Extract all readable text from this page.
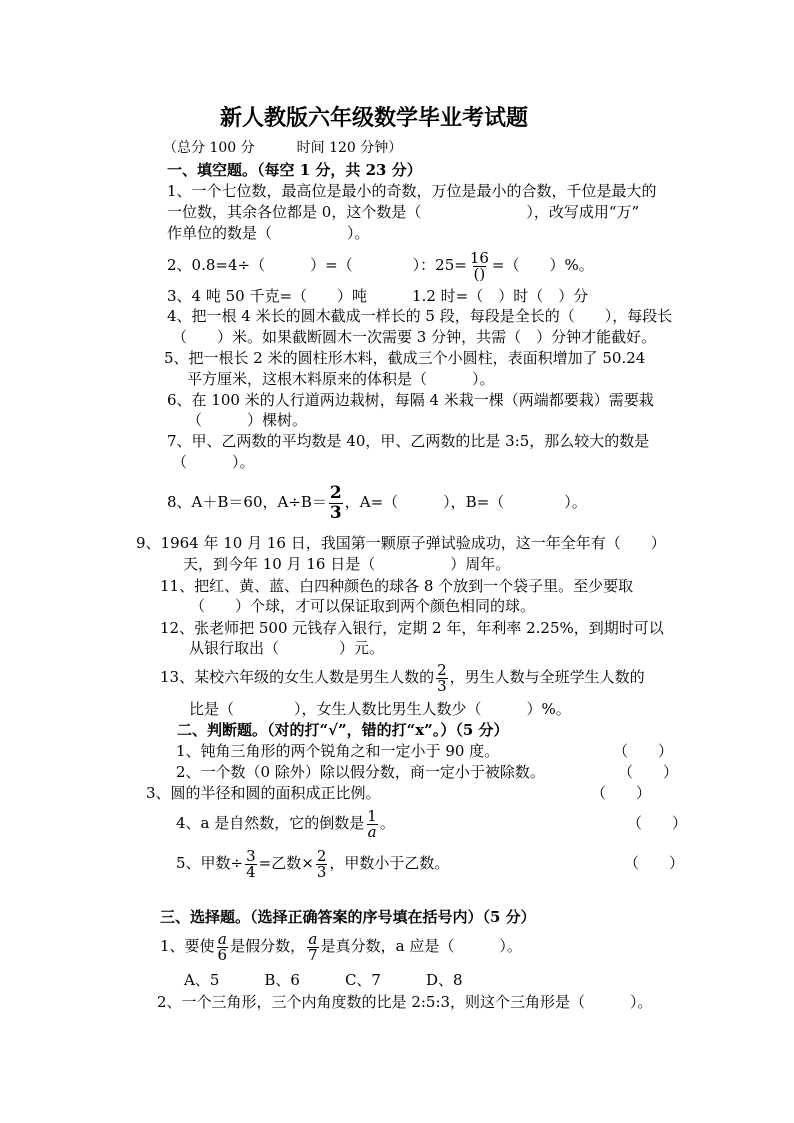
新人教版六年级数学毕业考试题
（总分 100 分　　　时间 120 分钟）
一、填空题。（每空 1 分，共 23 分）
1、一个七位数，最高位是最小的奇数，万位是最小的合数，千位是最大的
一位数，其余各位都是 0，这个数是（　　　　　　　），改写成用“万”
作单位的数是（　　　　　）。
2、0.8=4÷（　　　）=（　　　　）：$25= \frac{16}{()}$ =（　　）%。
3、4 吨 50 千克=（　　）吨　　　1.2 时=（　）时（　）分
4、把一根 4 米长的圆木截成一样长的 5 段，每段是全长的（　　），每段长
（　　）米。如果截断圆木一次需要 3 分钟，共需（　）分钟才能截好。
5、把一根长 2 米的圆柱形木料，截成三个小圆柱，表面积增加了 50.24
平方厘米，这根木料原来的体积是（　　　）。
6、在 100 米的人行道两边栽树，每隔 4 米栽一棵（两端都要栽）需要栽
（　　　）棵树。
7、甲、乙两数的平均数是 40，甲、乙两数的比是 3:5，那么较大的数是
（　　　）。
8、A＋B＝60，$A\div B= \frac{2}{3}$ ，A=（　　　），B=（　　　　）。
9、1964 年 10 月 16 日，我国第一颗原子弹试验成功，这一年全年有（　　）
天，到今年 10 月 16 日是（　　　　　）周年。
11、把红、黄、蓝、白四种颜色的球各 8 个放到一个袋子里。至少要取
（　　）个球，才可以保证取到两个颜色相同的球。
12、张老师把 500 元钱存入银行，定期 2 年，年利率 2.25%，到期时可以
从银行取出（　　　　）元。
13、某校六年级的女生人数是男生人数的 $\frac{2}{3}$ ，男生人数与全班学生人数的
比是（　　　　），女生人数比男生人数少（　　　）%。
二、判断题。（对的打“√”，错的打“x”。）（5 分）
1、钝角三角形的两个锐角之和一定小于 90 度。	（　　）
2、一个数（0 除外）除以假分数，商一定小于被除数。	（　　）
3、圆的半径和圆的面积成正比例。	（　　）
4、a 是自然数，它的倒数是 $\frac{1}{a}$ 。	（　　）
5、甲数÷ $\frac{3}{4}$ =乙数× $\frac{2}{3}$ ，甲数小于乙数。	（　　）
三、选择题。（选择正确答案的序号填在括号内）（5 分）
1、要使 $\frac{a}{6}$ 是假分数， $\frac{a}{7}$ 是真分数，a 应是（　　　）。
A、5　　　B、6　　　C、7　　　D、8
2、一个三角形，三个内角度数的比是 2:5:3，则这个三角形是（　　　）。
